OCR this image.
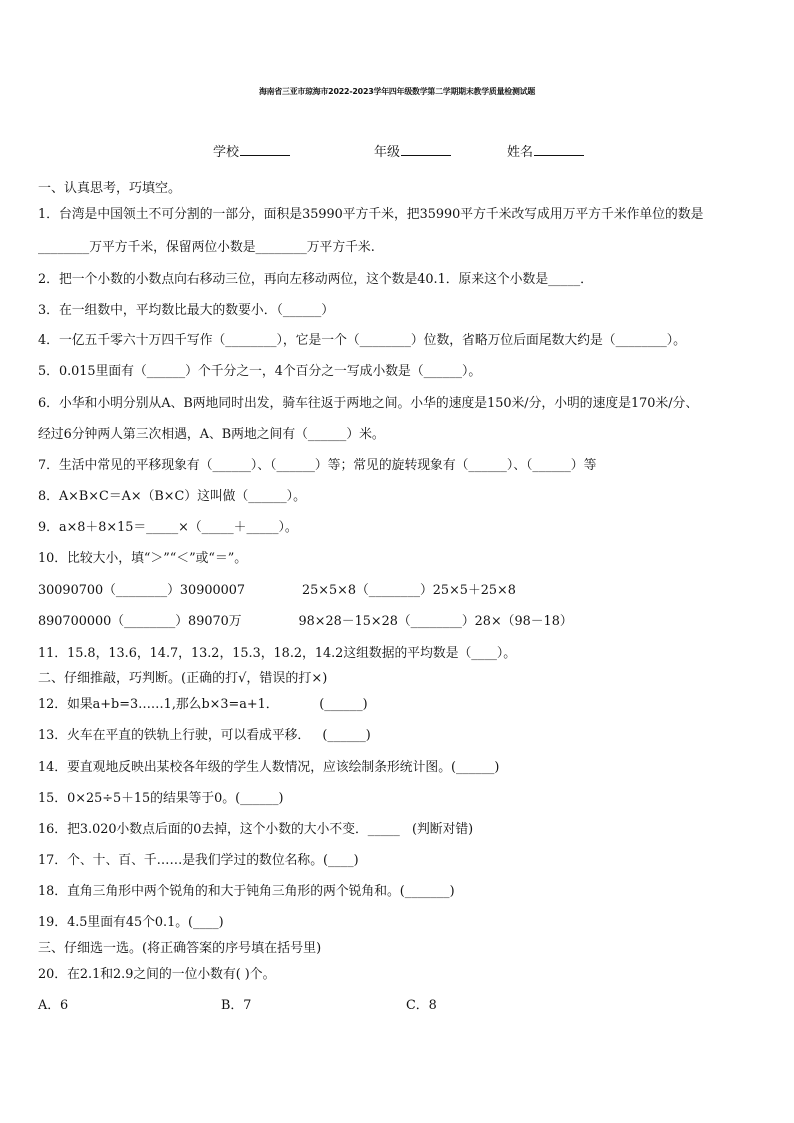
海南省三亚市琼海市2022-2023学年四年级数学第二学期期末教学质量检测试题
学校	年级	姓名
一、认真思考，巧填空。
1．台湾是中国领土不可分割的一部分，面积是35990平方千米，把35990平方千米改写成用万平方千米作单位的数是
________万平方千米，保留两位小数是________万平方千米.
2．把一个小数的小数点向右移动三位，再向左移动两位，这个数是40.1．原来这个小数是_____．
3．在一组数中，平均数比最大的数要小．（______）
4．一亿五千零六十万四千写作（________），它是一个（________）位数，省略万位后面尾数大约是（________）。
5．0.015里面有（______）个千分之一，4个百分之一写成小数是（______）。
6．小华和小明分别从A、B两地同时出发，骑车往返于两地之间。小华的速度是150米/分，小明的速度是170米/分、
经过6分钟两人第三次相遇，A、B两地之间有（______）米。
7．生活中常见的平移现象有（______）、（______）等；常见的旋转现象有（______）、（______）等
8．A×B×C＝A×（B×C）这叫做（______）。
9．a×8＋8×15＝_____×（_____＋_____）。
10．比较大小，填“＞”“＜”或“＝”。
30090700（________）30900007              25×5×8（________）25×5＋25×8
890700000（________）89070万              98×28－15×28（________）28×（98－18）
11．15.8，13.6，14.7，13.2，15.3，18.2，14.2这组数据的平均数是（____）。
二、仔细推敲，巧判断。(正确的打√，错误的打×)
12．如果a+b=3……1,那么b×3=a+1．          (______)
13．火车在平直的铁轨上行驶，可以看成平移．   (______)
14．要直观地反映出某校各年级的学生人数情况，应该绘制条形统计图。(______)
15．0×25÷5＋15的结果等于0。(______)
16．把3.020小数点后面的0去掉，这个小数的大小不变．_____   (判断对错)
17．个、十、百、千……是我们学过的数位名称。(____)
18．直角三角形中两个锐角的和大于钝角三角形的两个锐角和。(_______)
19．4.5里面有45个0.1。(____)
三、仔细选一选。(将正确答案的序号填在括号里)
20．在2.1和2.9之间的一位小数有( )个。
A．6	B．7	C．8
